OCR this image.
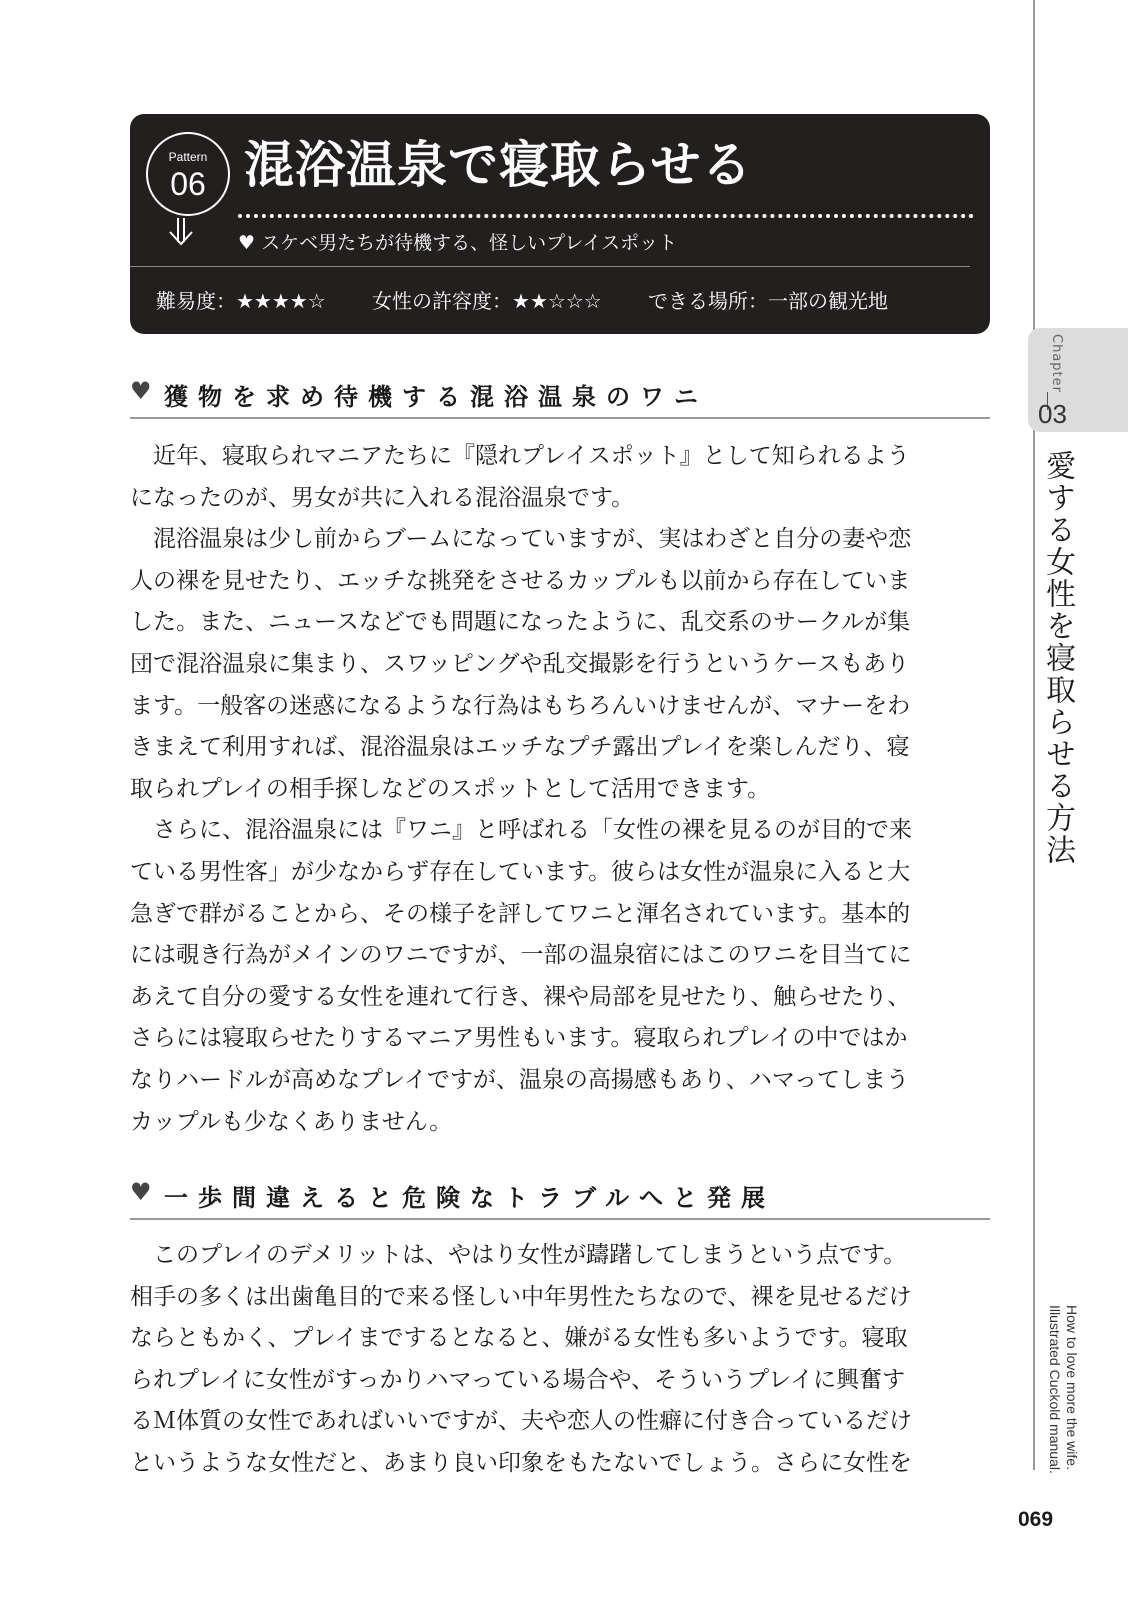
Chapter
03
愛する女性を寝取らせる方法
How to love more the wife.
Illustrated Cuckold manual.
069
Pattern
06 混浴温泉で寝取らせる
♥ スケベ男たちが待機する、怪しいプレイスポット
難易度：★★★★☆ 女性の許容度：★★☆☆☆ できる場所：一部の観光地
♥ 獲物を求め待機する混浴温泉のワニ

　近年、寝取られマニアたちに『隠れプレイスポット』として知られるよう

になったのが、男女が共に入れる混浴温泉です。

　混浴温泉は少し前からブームになっていますが、実はわざと自分の妻や恋

人の裸を見せたり、エッチな挑発をさせるカップルも以前から存在していま

した。また、ニュースなどでも問題になったように、乱交系のサークルが集

団で混浴温泉に集まり、スワッピングや乱交撮影を行うというケースもあり

ます。一般客の迷惑になるような行為はもちろんいけませんが、マナーをわ

きまえて利用すれば、混浴温泉はエッチなプチ露出プレイを楽しんだり、寝

取られプレイの相手探しなどのスポットとして活用できます。

　さらに、混浴温泉には『ワニ』と呼ばれる「女性の裸を見るのが目的で来

ている男性客」が少なからず存在しています。彼らは女性が温泉に入ると大

急ぎで群がることから、その様子を評してワニと渾名されています。基本的

には覗き行為がメインのワニですが、一部の温泉宿にはこのワニを目当てに

あえて自分の愛する女性を連れて行き、裸や局部を見せたり、触らせたり、

さらには寝取らせたりするマニア男性もいます。寝取られプレイの中ではか

なりハードルが高めなプレイですが、温泉の高揚感もあり、ハマってしまう

カップルも少なくありません。

♥ 一歩間違えると危険なトラブルへと発展

　このプレイのデメリットは、やはり女性が躊躇してしまうという点です。

相手の多くは出歯亀目的で来る怪しい中年男性たちなので、裸を見せるだけ

ならともかく、プレイまでするとなると、嫌がる女性も多いようです。寝取

られプレイに女性がすっかりハマっている場合や、そういうプレイに興奮す

るＭ体質の女性であればいいですが、夫や恋人の性癖に付き合っているだけ

というような女性だと、あまり良い印象をもたないでしょう。さらに女性を
